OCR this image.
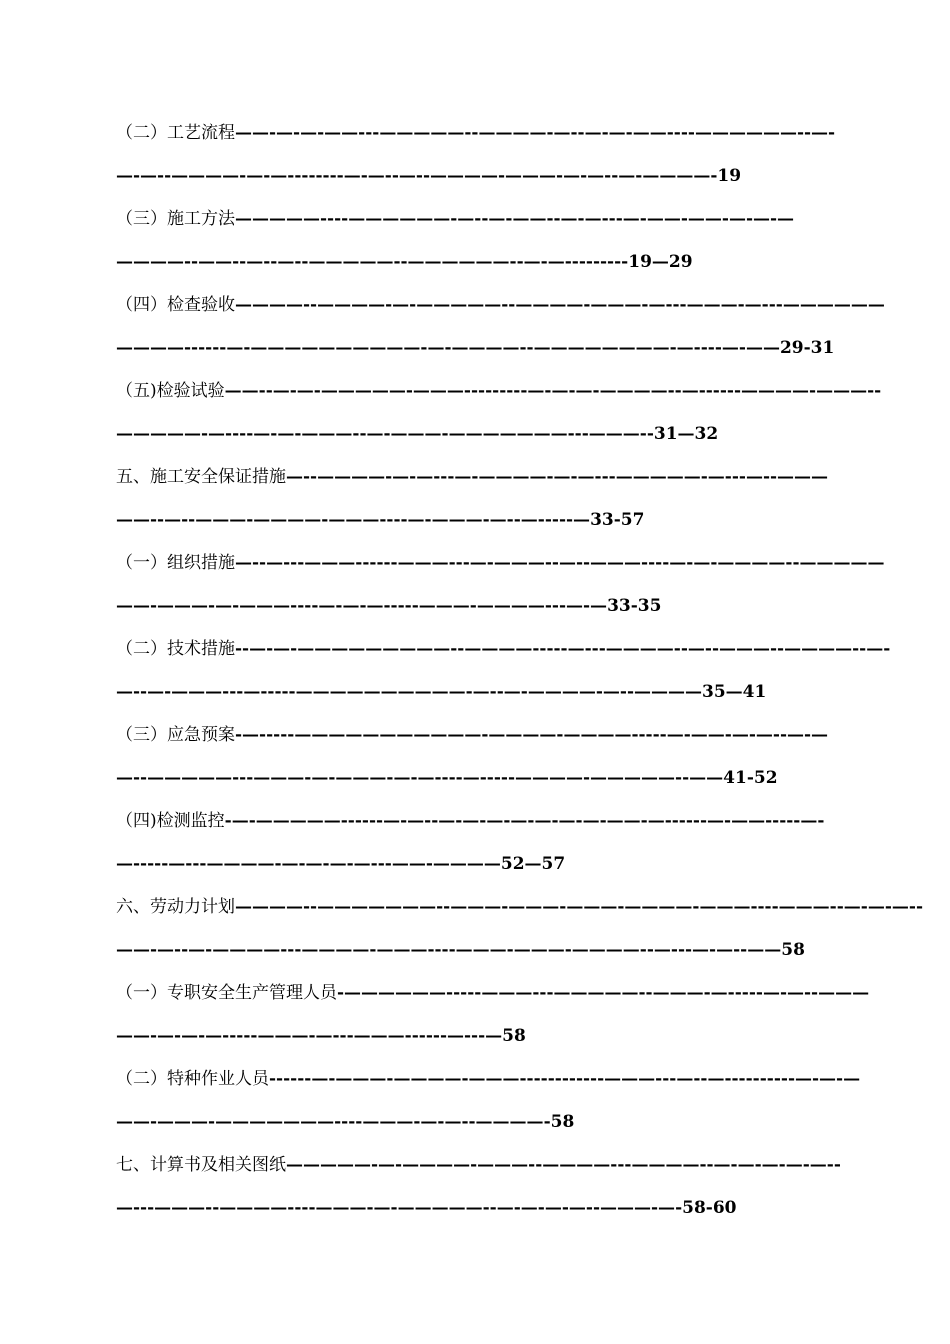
（二）工艺流程——-—-—-——---—————--————-—--—-—-——----——————--—-
—-—--————-—-—--------—-—--—--————-———-—-—--—-————-19
（三）施工方法—————----——————-—--—-——--—-—---—-——-——-—-—-—
————--——--—--—--—————--——————--—-—---------19—29
（四）检查验收————--————-—-—————--————-———-—---———-—---——————
————------—-——————————-—-————--————————-—----—-——29-31
（五)检验试验——--—-—-—————-———---------—-—-—-————--—------————-———--
—————-—----—-—-———--—-———-———————---———--31—32
五、施工安全保证措施—--————-—-—---—-————-—-—---—————-—---—--———
——--—--———-————-———----—-———-—--—-----—33-57
（一）组织措施—--—---———------———---—-———--—--———----—-—-————--—————
——-———-—-———----—-—-—-----———-————---—-—33-35
（二）技术措施--—-—-—————————--————-----—---————--—--———--————--—-
—--—-———---—-----——————————-—--—-————-—--————35—41
（三）应急预案-—-----———————————-————-————-----—-——-—-—--—-—
—--—————---———-—-———-—-—----—-----————-—————--——41-52
（四)检测监控-—-—————------—-—--—-—-—-—-—-—-—-——-—------—-——-----—-
—-----—---————-—-—-—-—---——-————52—57
六、劳动力计划————--———————--———-———-———-————-———----———--—-—-—--
——-—--—-————---————-———----———-———-————--—---—-—--——58
（一）专职安全生产管理人员-——————-----———---—————--———-—-----—-—--———
——-—-—-—-----———-—---———------—---—58
（二）特种作业人员------—-———-————-———------------———---—--—----------—-—-—
——-———-———————----———-—-—--————-58
七、计算书及相关图纸—————-—-————-———--————---————--—-—-—-—-—--
—---———--————----———-—-—————--—-—-—-—--———-—-58-60
